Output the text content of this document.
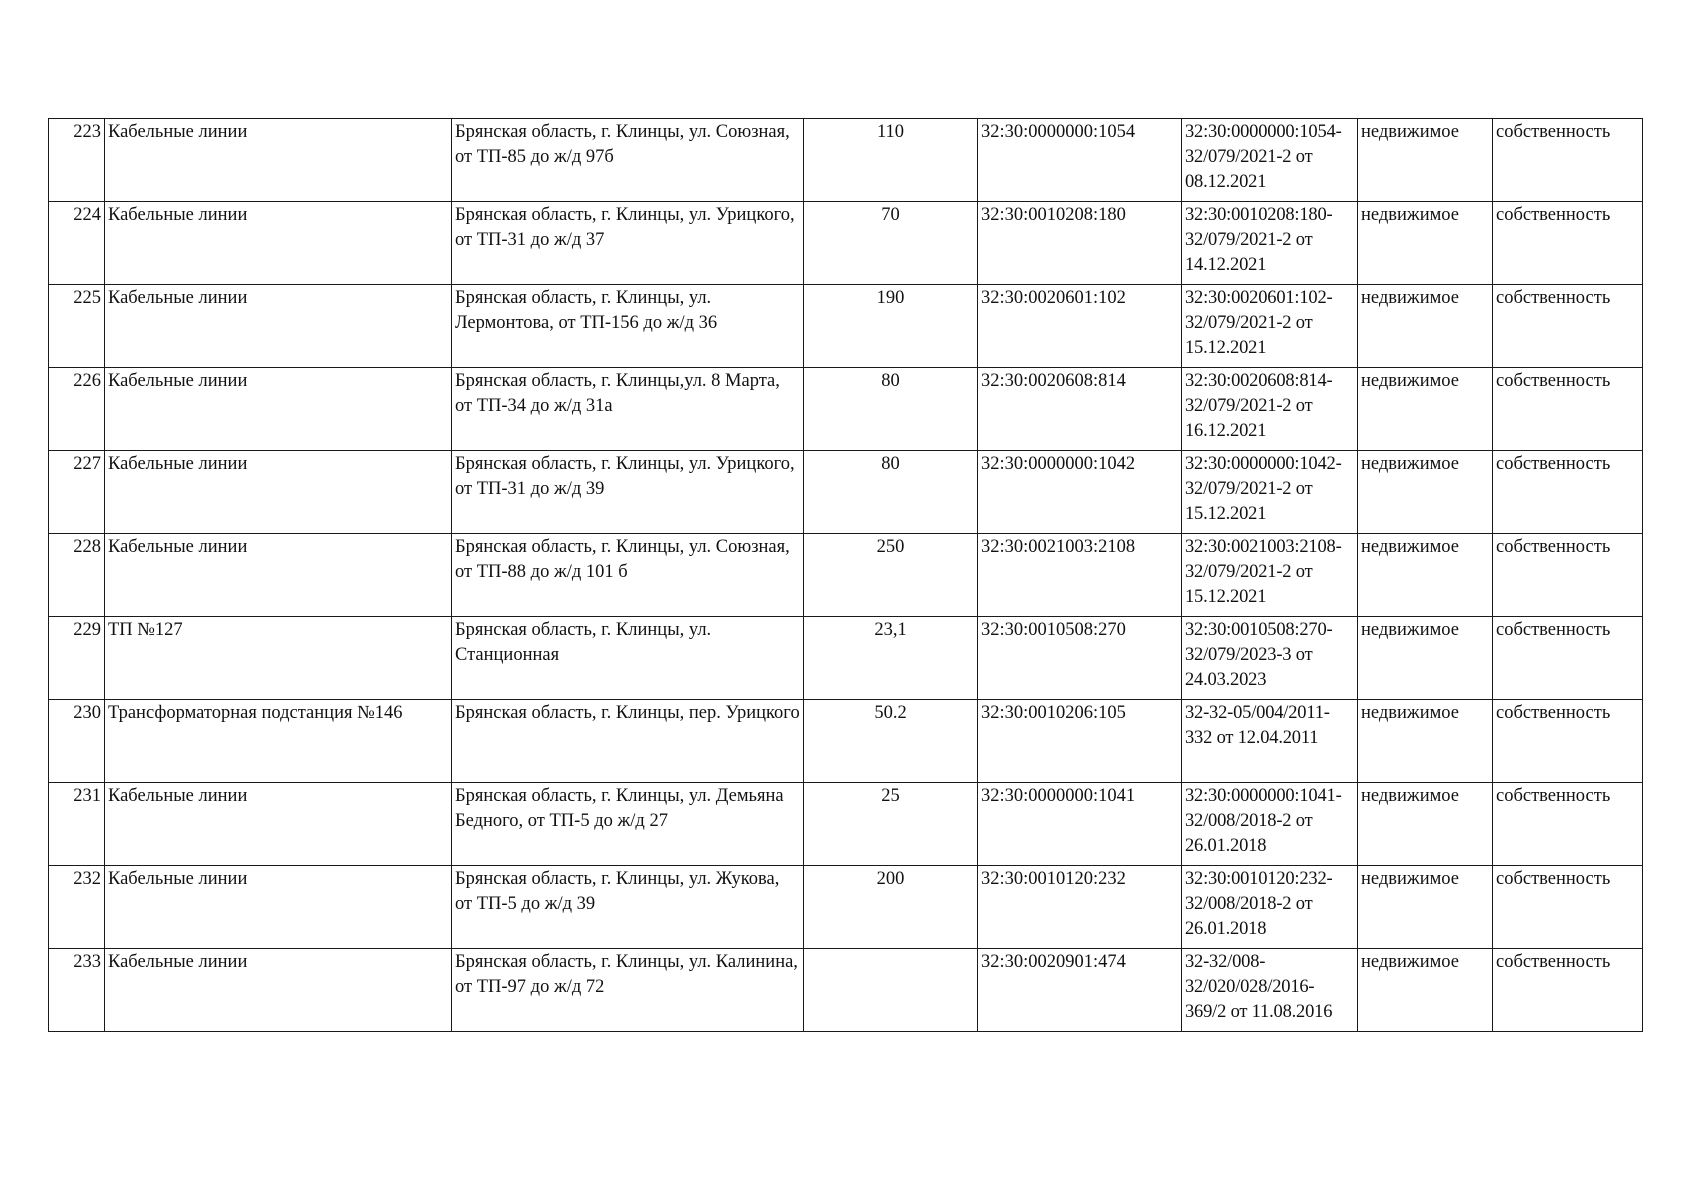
223	Кабельные линии	Брянская область, г. Клинцы, ул. Союзная, от ТП-85 до ж/д 97б	110	32:30:0000000:1054	32:30:0000000:1054-32/079/2021-2 от 08.12.2021	недвижимое	собственность
224	Кабельные линии	Брянская область, г. Клинцы, ул. Урицкого, от ТП-31 до ж/д 37	70	32:30:0010208:180	32:30:0010208:180-32/079/2021-2 от 14.12.2021	недвижимое	собственность
225	Кабельные линии	Брянская область, г. Клинцы, ул. Лермонтова, от ТП-156 до ж/д 36	190	32:30:0020601:102	32:30:0020601:102-32/079/2021-2 от 15.12.2021	недвижимое	собственность
226	Кабельные линии	Брянская область, г. Клинцы,ул. 8 Марта, от ТП-34 до ж/д 31а	80	32:30:0020608:814	32:30:0020608:814-32/079/2021-2 от 16.12.2021	недвижимое	собственность
227	Кабельные линии	Брянская область, г. Клинцы, ул. Урицкого, от ТП-31 до ж/д 39	80	32:30:0000000:1042	32:30:0000000:1042-32/079/2021-2 от 15.12.2021	недвижимое	собственность
228	Кабельные линии	Брянская область, г. Клинцы, ул. Союзная, от ТП-88 до ж/д 101 б	250	32:30:0021003:2108	32:30:0021003:2108-32/079/2021-2 от 15.12.2021	недвижимое	собственность
229	ТП №127	Брянская область, г. Клинцы, ул. Станционная	23,1	32:30:0010508:270	32:30:0010508:270-32/079/2023-3 от 24.03.2023	недвижимое	собственность
230	Трансформаторная подстанция №146	Брянская область, г. Клинцы, пер. Урицкого	50.2	32:30:0010206:105	32-32-05/004/2011-332 от 12.04.2011	недвижимое	собственность
231	Кабельные линии	Брянская область, г. Клинцы, ул. Демьяна Бедного, от ТП-5 до ж/д 27	25	32:30:0000000:1041	32:30:0000000:1041-32/008/2018-2 от 26.01.2018	недвижимое	собственность
232	Кабельные линии	Брянская область, г. Клинцы, ул. Жукова, от ТП-5 до ж/д 39	200	32:30:0010120:232	32:30:0010120:232-32/008/2018-2 от 26.01.2018	недвижимое	собственность
233	Кабельные линии	Брянская область, г. Клинцы, ул. Калинина, от ТП-97 до ж/д 72		32:30:0020901:474	32-32/008-32/020/028/2016-369/2 от 11.08.2016	недвижимое	собственность
